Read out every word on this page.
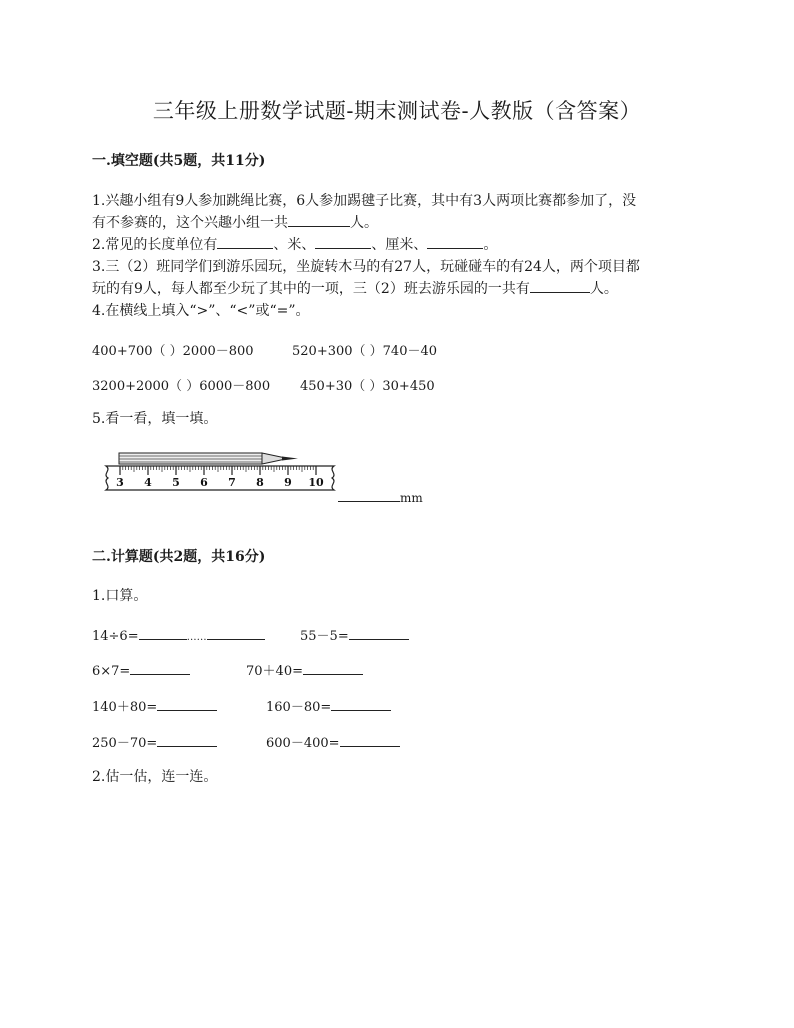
三年级上册数学试题-期末测试卷-人教版（含答案）
一.填空题(共5题，共11分)
1.兴趣小组有9人参加跳绳比赛，6人参加踢毽子比赛，其中有3人两项比赛都参加了，没
有不参赛的，这个兴趣小组一共	人。
2.常见的长度单位有	、米、	、厘米、	。
3.三（2）班同学们到游乐园玩，坐旋转木马的有27人，玩碰碰车的有24人，两个项目都
玩的有9人，每人都至少玩了其中的一项，三（2）班去游乐园的一共有	人。
4.在横线上填入“>”、“<”或“=”。
400+700（ ）2000－800	520+300（ ）740－40
3200+2000（ ）6000－800 450+30（ ）30+450
5.看一看，填一填。
3 4 5 6 7 8 9 10
mm
二.计算题(共2题，共16分)
1.口算。
14÷6=	……	55－5=
6×7=	70＋40=
140＋80=	160－80=
250－70=	600－400=
2.估一估，连一连。
